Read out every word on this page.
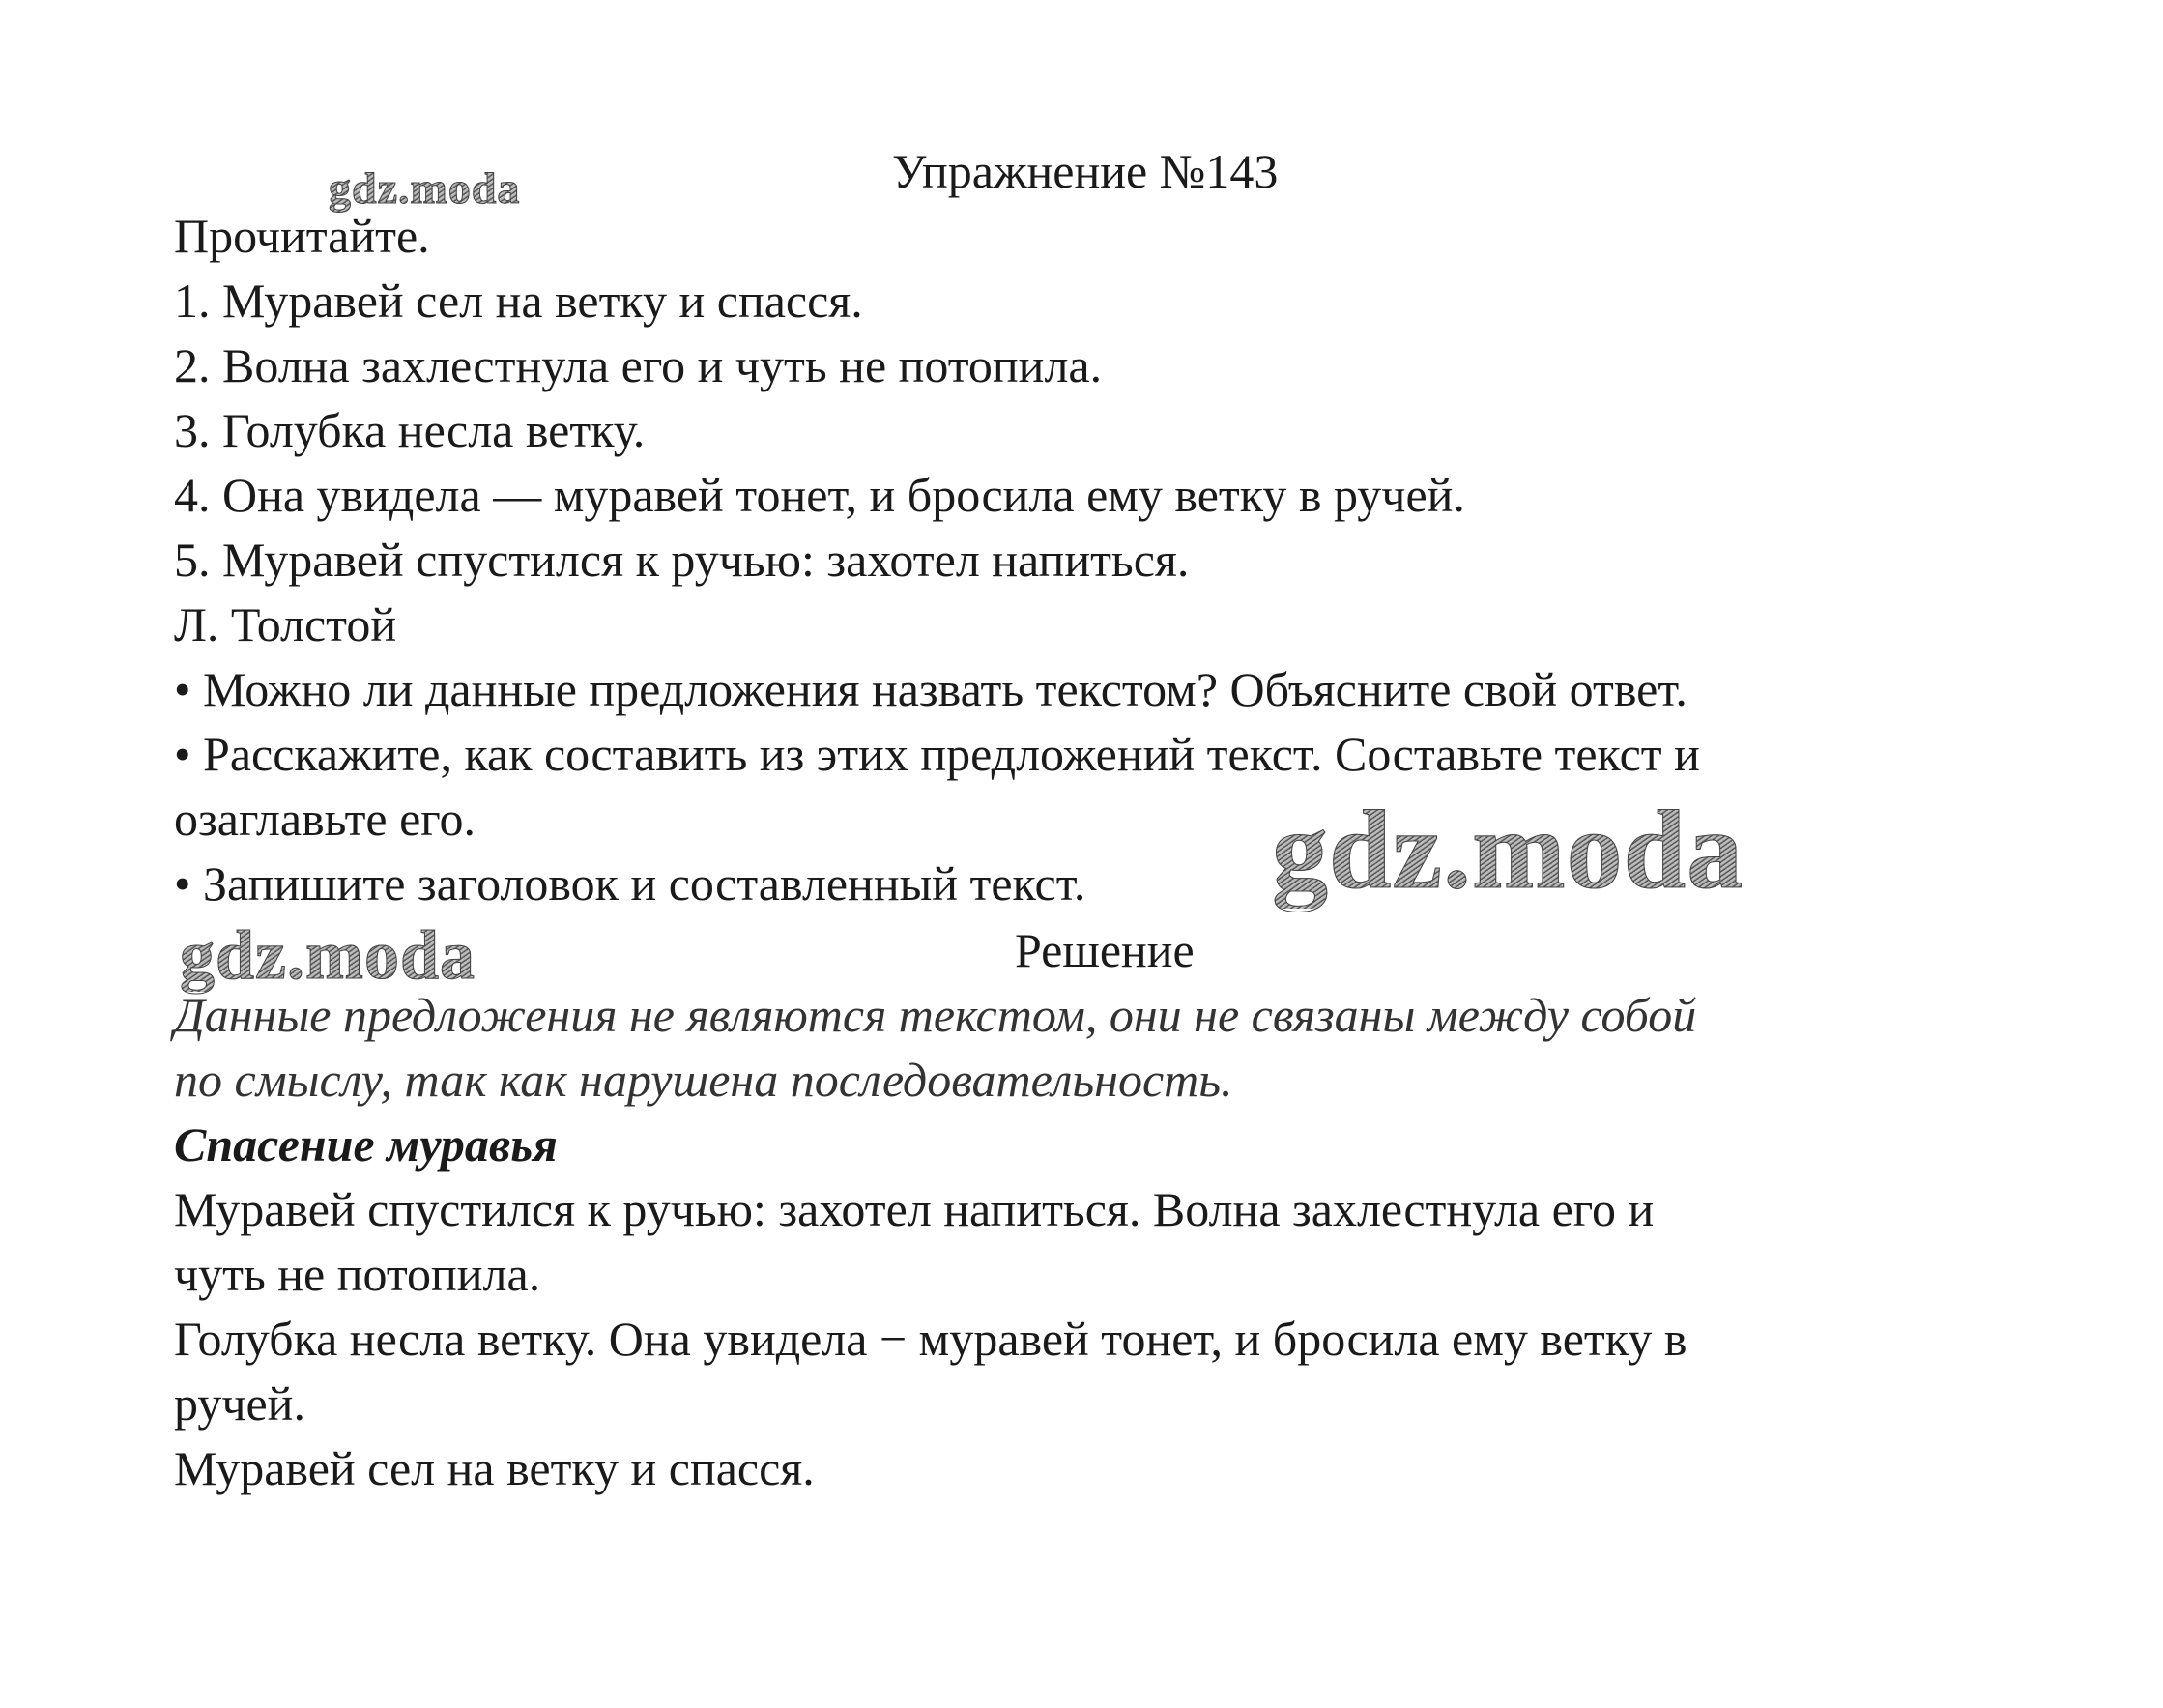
gdz.moda
gdz.moda
gdz.moda
Упражнение №143
Прочитайте.
1. Муравей сел на ветку и спасся.
2. Волна захлестнула его и чуть не потопила.
3. Голубка несла ветку.
4. Она увидела — муравей тонет, и бросила ему ветку в ручей.
5. Муравей спустился к ручью: захотел напиться.
Л. Толстой
• Можно ли данные предложения назвать текстом? Объясните свой ответ.
• Расскажите, как составить из этих предложений текст. Составьте текст и
озаглавьте его.
• Запишите заголовок и составленный текст.
Решение
Данные предложения не являются текстом, они не связаны между собой
по смыслу, так как нарушена последовательность.
Спасение муравья
Муравей спустился к ручью: захотел напиться. Волна захлестнула его и
чуть не потопила.
Голубка несла ветку. Она увидела − муравей тонет, и бросила ему ветку в
ручей.
Муравей сел на ветку и спасся.
